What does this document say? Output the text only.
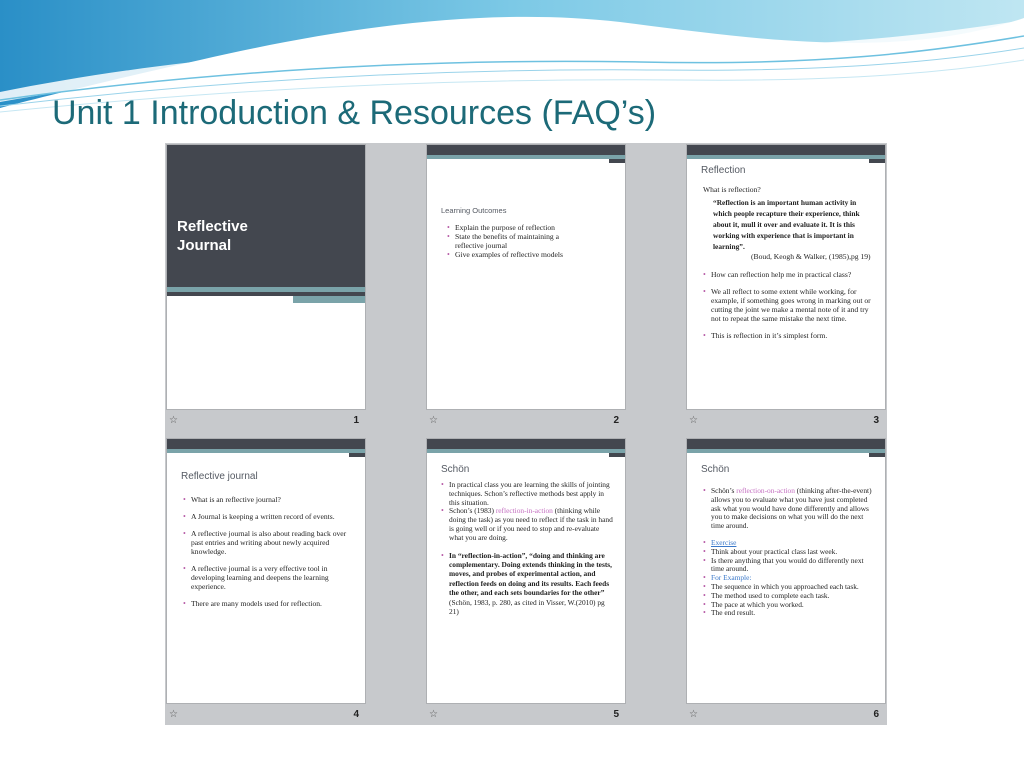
Unit 1 Introduction & Resources (FAQ’s)
Reflective Journal
☆	1
Learning Outcomes
• Explain the purpose of reflection
• State the benefits of maintaining a reflective journal
• Give examples of reflective models
☆	2
Reflection
What is reflection?
“Reflection is an important human activity in which people recapture their experience, think about it, mull it over and evaluate it. It is this working with experience that is important in learning”.
(Boud, Keogh & Walker, (1985),pg 19)
• How can reflection help me in practical class?
• We all reflect to some extent while working, for example, if something goes wrong in marking out or cutting the joint we make a mental note of it and try not to repeat the same mistake the next time.
• This is reflection in it’s simplest form.
☆	3
Reflective journal
• What is an reflective journal?
• A Journal is keeping a written record of events.
• A reflective journal is also about reading back over past entries and writing about newly acquired knowledge.
• A reflective journal is a very effective tool in developing learning and deepens the learning experience.
• There are many models used for reflection.
☆	4
Schön
• In practical class you are learning the skills of jointing techniques. Schon’s reflective methods best apply in this situation.
• Schon’s (1983) reflection-in-action (thinking while doing the task) as you need to reflect if the task in hand is going well or if you need to stop and re-evaluate what you are doing.
• In “reflection-in-action”, “doing and thinking are complementary. Doing extends thinking in the tests, moves, and probes of experimental action, and reflection feeds on doing and its results. Each feeds the other, and each sets boundaries for the other” (Schön, 1983, p. 280, as cited in Visser, W.(2010) pg 21)
☆	5
Schön
• Schön’s reflection-on-action (thinking after-the-event) allows you to evaluate what you have just completed ask what you would have done differently and allows you to make decisions on what you will do the next time around.
• Exercise
• Think about your practical class last week.
• Is there anything that you would do differently next time around.
• For Example:
• The sequence in which you approached each task.
• The method used to complete each task.
• The pace at which you worked.
• The end result.
☆	6
